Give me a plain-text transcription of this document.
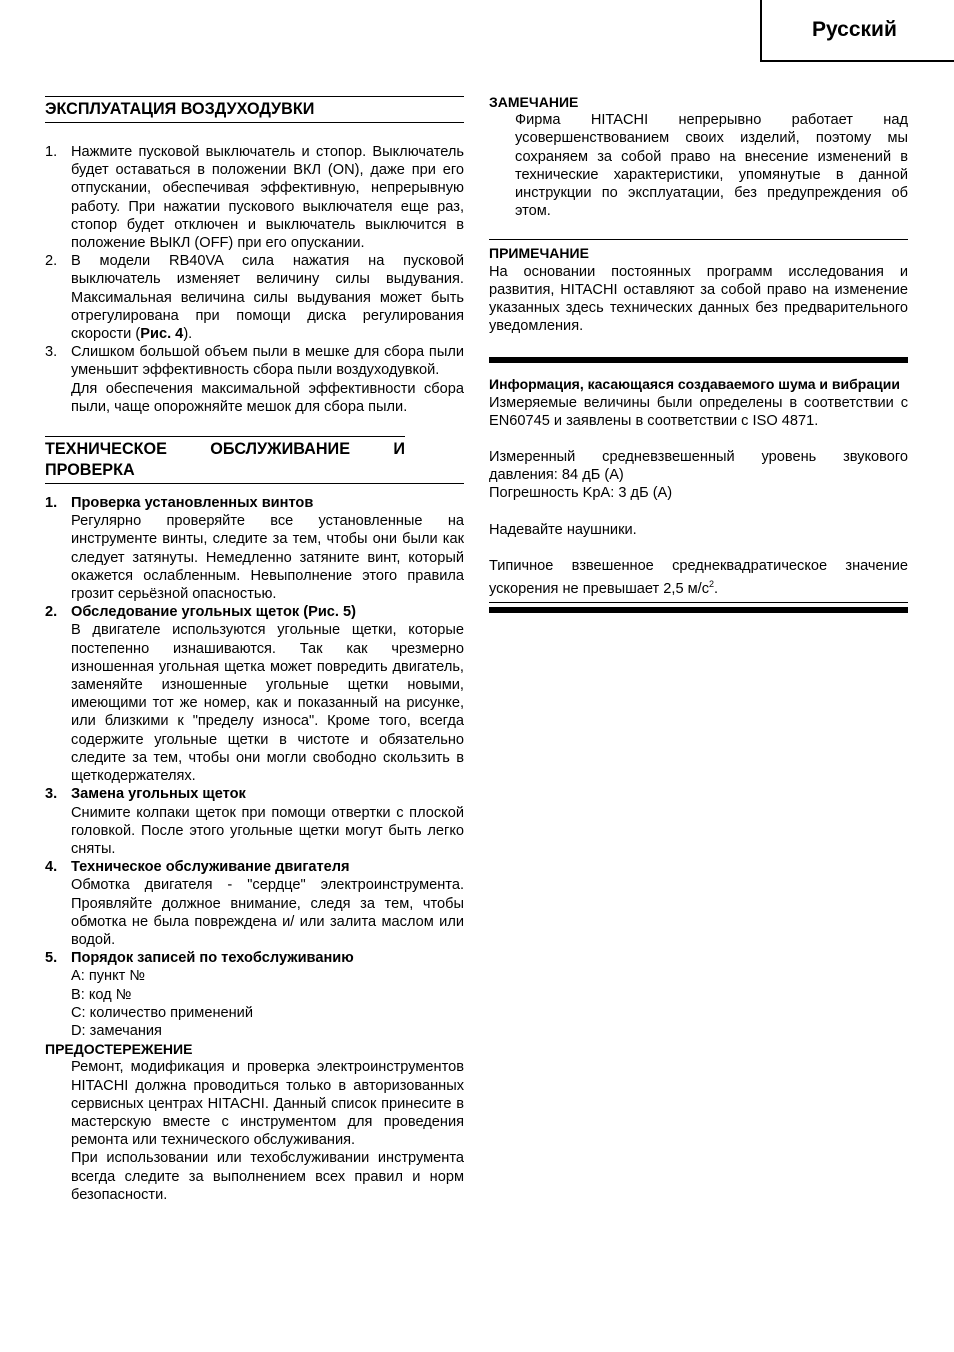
Русский
ЭКСПЛУАТАЦИЯ ВОЗДУХОДУВКИ
1. Нажмите пусковой выключатель и стопор. Выключатель будет оставаться в положении ВКЛ (ON), даже при его отпускании, обеспечивая эффективную, непрерывную работу. При нажатии пускового выключателя еще раз, стопор будет отключен и выключатель выключится в положение ВЫКЛ (OFF) при его опускании.

2. В модели RB40VA сила нажатия на пусковой выключатель изменяет величину силы выдувания. Максимальная величина силы выдувания может быть отрегулирована при помощи диска регулирования скорости (Рис. 4).

3. Слишком большой объем пыли в мешке для сбора пыли уменьшит эффективность сбора пыли воздуходувкой.

Для обеспечения максимальной эффективности сбора пыли, чаще опорожняйте мешок для сбора пыли.

ТЕХНИЧЕСКОЕ ОБСЛУЖИВАНИЕ И ПРОВЕРКА
1. Проверка установленных винтов

Регулярно проверяйте все установленные на инструменте винты, следите за тем, чтобы они были как следует затянуты. Немедленно затяните винт, который окажется ослабленным. Невыполнение этого правила грозит серьёзной опасностью.

2. Обследование угольных щеток (Рис. 5)

В двигателе используются угольные щетки, которые постепенно изнашиваются. Так как чрезмерно изношенная угольная щетка может повредить двигатель, заменяйте изношенные угольные щетки новыми, имеющими тот же номер, как и показанный на рисунке, или близкими к "пределу износа". Кроме того, всегда содержите угольные щетки в чистоте и обязательно следите за тем, чтобы они могли свободно скользить в щеткодержателях.

3. Замена угольных щеток

Снимите колпаки щеток при помощи отвертки с плоской головкой. После этого угольные щетки могут быть легко сняты.

4. Техническое обслуживание двигателя

Обмотка двигателя - "сердце" электроинструмента. Проявляйте должное внимание, следя за тем, чтобы обмотка не была повреждена и/ или залита маслом или водой.

5. Порядок записей по техобслуживанию
A: пункт №
B: код №
C: количество применений
D: замечания
ПРЕДОСТЕРЕЖЕНИЕ

Ремонт, модификация и проверка электроинструментов HITACHI должна проводиться только в авторизованных сервисных центрах HITACHI. Данный список принесите в мастерскую вместе с инструментом для проведения ремонта или технического обслуживания.

При использовании или техобслуживании инструмента всегда следите за выполнением всех правил и норм безопасности.

ЗАМЕЧАНИЕ

Фирма HITACHI непрерывно работает над усовершенствованием своих изделий, поэтому мы сохраняем за собой право на внесение изменений в технические характеристики, упомянутые в данной инструкции по эксплуатации, без предупреждения об этом.

ПРИМЕЧАНИЕ

На основании постоянных программ исследования и развития, HITACHI оставляют за собой право на изменение указанных здесь технических данных без предварительного уведомления.

Информация, касающаяся создаваемого шума и вибрации

Измеряемые величины были определены в соответствии с EN60745 и заявлены в соответствии с ISO 4871.

Измеренный средневзвешенный уровень звукового давления: 84 дБ (A)

Погрешность KpA: 3 дБ (A)

Надевайте наушники.

Типичное взвешенное среднеквадратическое значение ускорения не превышает 2,5 $м/с^2$.
